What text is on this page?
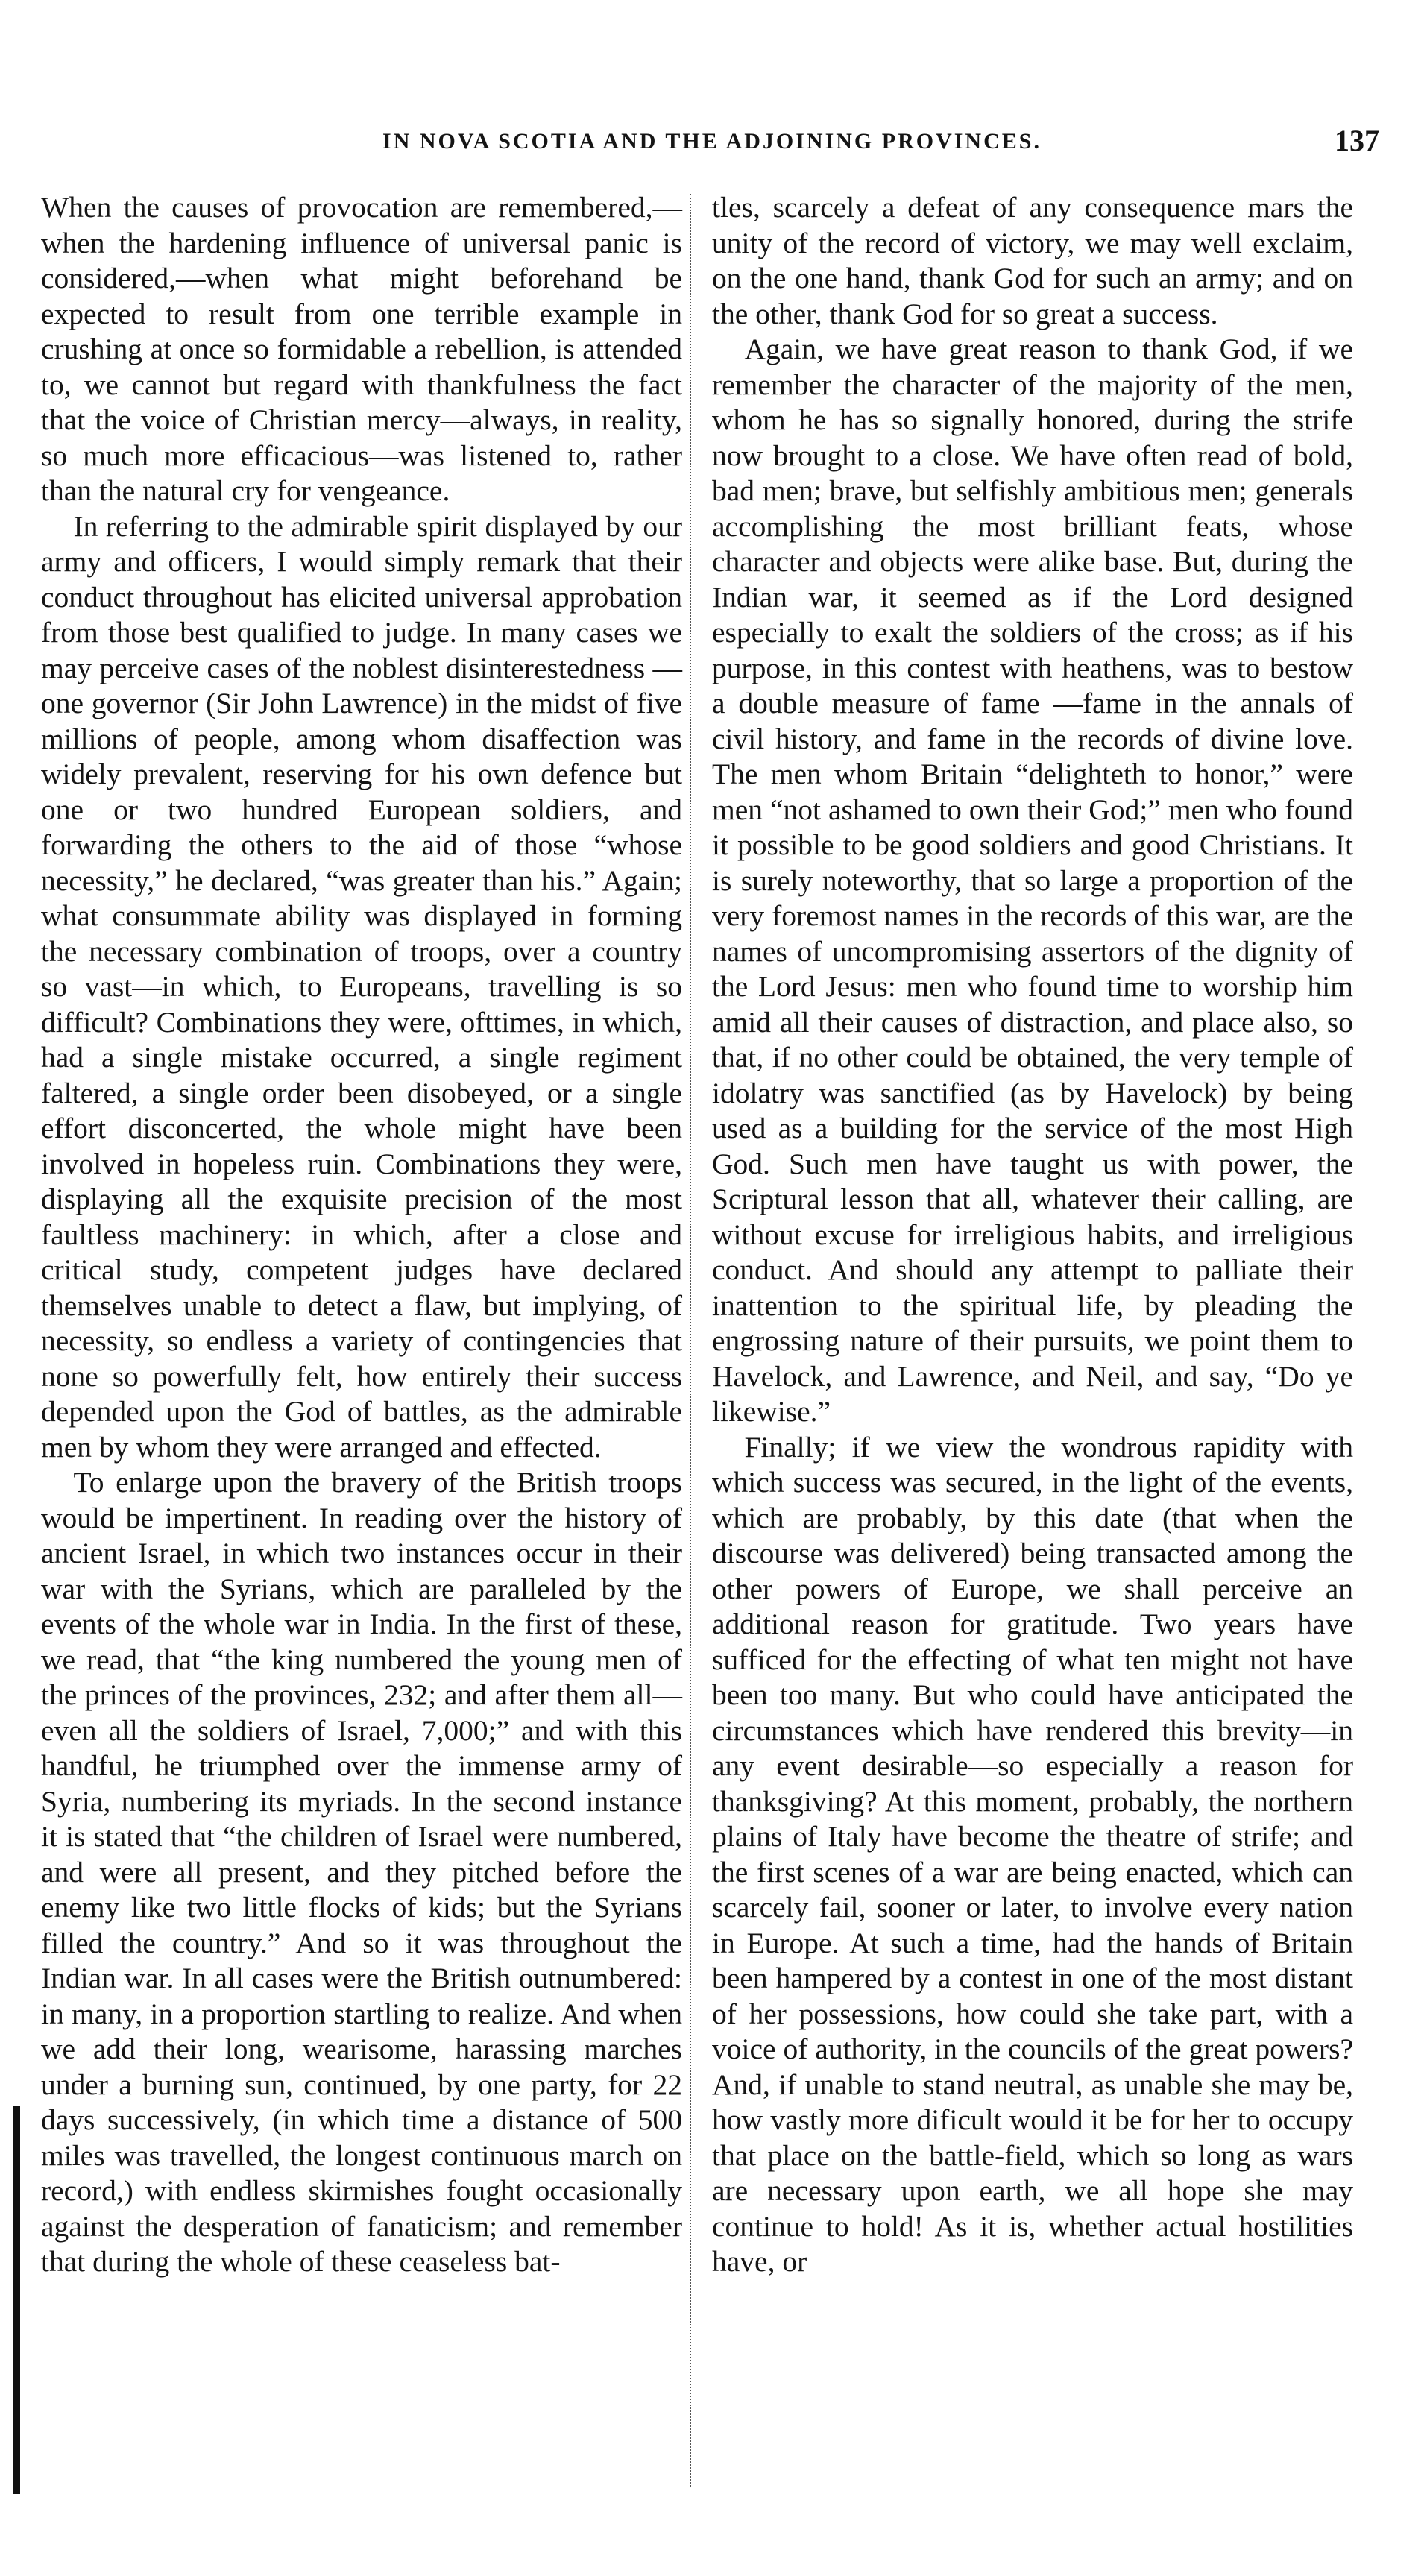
IN NOVA SCOTIA AND THE ADJOINING PROVINCES.	137

When the causes of provocation are remembered,—when the hardening influence of universal panic is considered,—when what might beforehand be expected to result from one terrible example in crushing at once so formidable a rebellion, is attended to, we cannot but regard with thankfulness the fact that the voice of Christian mercy—always, in reality, so much more efficacious—was listened to, rather than the natural cry for vengeance.

In referring to the admirable spirit displayed by our army and officers, I would simply remark that their conduct throughout has elicited universal approbation from those best qualified to judge. In many cases we may perceive cases of the noblest disinterestedness —one governor (Sir John Lawrence) in the midst of five millions of people, among whom disaffection was widely prevalent, reserving for his own defence but one or two hundred European soldiers, and forwarding the others to the aid of those “whose necessity,” he declared, “was greater than his.” Again; what consummate ability was displayed in forming the necessary combination of troops, over a country so vast—in which, to Europeans, travelling is so difficult? Combinations they were, ofttimes, in which, had a single mistake occurred, a single regiment faltered, a single order been disobeyed, or a single effort disconcerted, the whole might have been involved in hopeless ruin. Combinations they were, displaying all the exquisite precision of the most faultless machinery: in which, after a close and critical study, competent judges have declared themselves unable to detect a flaw, but implying, of necessity, so endless a variety of contingencies that none so powerfully felt, how entirely their success depended upon the God of battles, as the admirable men by whom they were arranged and effected.

To enlarge upon the bravery of the British troops would be impertinent. In reading over the history of ancient Israel, in which two instances occur in their war with the Syrians, which are paralleled by the events of the whole war in India. In the first of these, we read, that “the king numbered the young men of the princes of the provinces, 232; and after them all—even all the soldiers of Israel, 7,000;” and with this handful, he triumphed over the immense army of Syria, numbering its myriads. In the second instance it is stated that “the children of Israel were numbered, and were all present, and they pitched before the enemy like two little flocks of kids; but the Syrians filled the country.” And so it was throughout the Indian war. In all cases were the British outnumbered: in many, in a proportion startling to realize. And when we add their long, wearisome, harassing marches under a burning sun, continued, by one party, for 22 days successively, (in which time a distance of 500 miles was travelled, the longest continuous march on record,) with endless skirmishes fought occasionally against the desperation of fanaticism; and remember that during the whole of these ceaseless bat-

tles, scarcely a defeat of any consequence mars the unity of the record of victory, we may well exclaim, on the one hand, thank God for such an army; and on the other, thank God for so great a success.

Again, we have great reason to thank God, if we remember the character of the majority of the men, whom he has so signally honored, during the strife now brought to a close. We have often read of bold, bad men; brave, but selfishly ambitious men; generals accomplishing the most brilliant feats, whose character and objects were alike base. But, during the Indian war, it seemed as if the Lord designed especially to exalt the soldiers of the cross; as if his purpose, in this contest with heathens, was to bestow a double measure of fame —fame in the annals of civil history, and fame in the records of divine love. The men whom Britain “delighteth to honor,” were men “not ashamed to own their God;” men who found it possible to be good soldiers and good Christians. It is surely noteworthy, that so large a proportion of the very foremost names in the records of this war, are the names of uncompromising assertors of the dignity of the Lord Jesus: men who found time to worship him amid all their causes of distraction, and place also, so that, if no other could be obtained, the very temple of idolatry was sanctified (as by Havelock) by being used as a building for the service of the most High God. Such men have taught us with power, the Scriptural lesson that all, whatever their calling, are without excuse for irreligious habits, and irreligious conduct. And should any attempt to palliate their inattention to the spiritual life, by pleading the engrossing nature of their pursuits, we point them to Havelock, and Lawrence, and Neil, and say, “Do ye likewise.”

Finally; if we view the wondrous rapidity with which success was secured, in the light of the events, which are probably, by this date (that when the discourse was delivered) being transacted among the other powers of Europe, we shall perceive an additional reason for gratitude. Two years have sufficed for the effecting of what ten might not have been too many. But who could have anticipated the circumstances which have rendered this brevity—in any event desirable—so especially a reason for thanksgiving? At this moment, probably, the northern plains of Italy have become the theatre of strife; and the first scenes of a war are being enacted, which can scarcely fail, sooner or later, to involve every nation in Europe. At such a time, had the hands of Britain been hampered by a contest in one of the most distant of her possessions, how could she take part, with a voice of authority, in the councils of the great powers? And, if unable to stand neutral, as unable she may be, how vastly more dificult would it be for her to occupy that place on the battle-field, which so long as wars are necessary upon earth, we all hope she may continue to hold! As it is, whether actual hostilities have, or
